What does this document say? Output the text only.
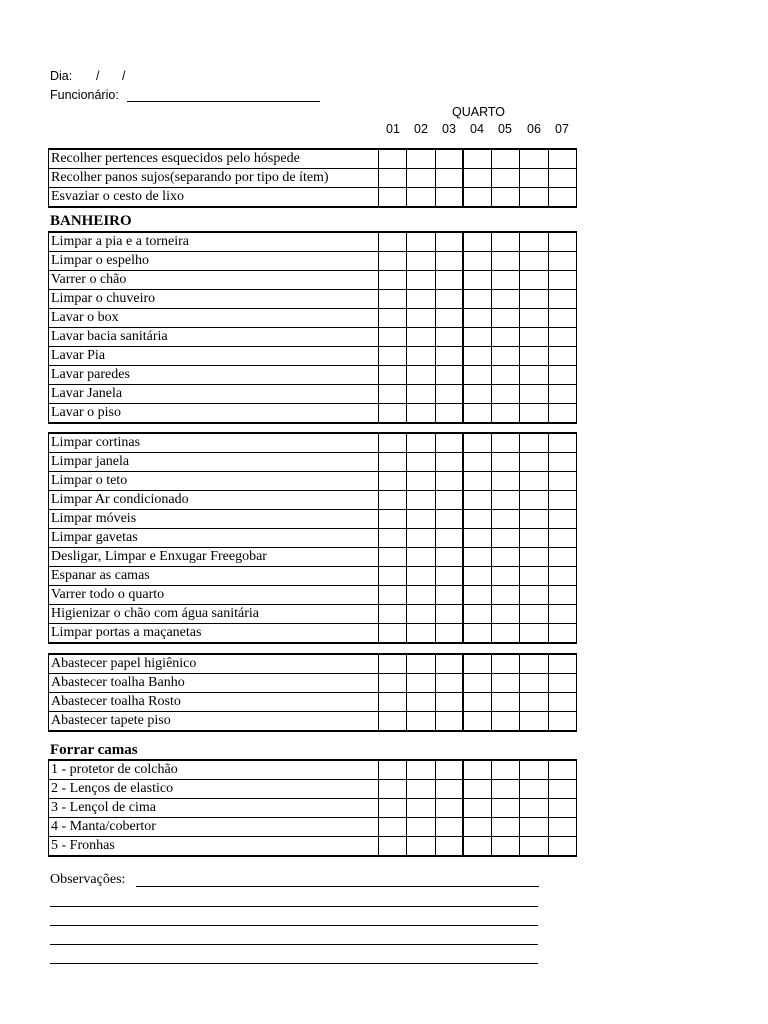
Dia: / /
Funcionário:
QUARTO
01	02	03	04	05	06	07
Recolher pertences esquecidos pelo hóspede							
Recolher panos sujos(separando por tipo de ítem)							
Esvaziar o cesto de lixo							
BANHEIRO
Limpar a pia e a torneira							
Limpar o espelho							
Varrer o chão							
Limpar o chuveiro							
Lavar o box							
Lavar bacia sanitária							
Lavar Pia							
Lavar paredes							
Lavar Janela							
Lavar o piso							
Limpar cortinas							
Limpar janela							
Limpar o teto							
Limpar Ar condicionado							
Limpar móveis							
Limpar gavetas							
Desligar, Limpar e Enxugar Freegobar							
Espanar as camas							
Varrer todo o quarto							
Higienizar o chão com água sanitária							
Limpar portas a maçanetas							
Abastecer papel higiênico							
Abastecer toalha Banho							
Abastecer toalha Rosto							
Abastecer tapete piso							
Forrar camas
1 - protetor de colchão							
2 - Lenços de elastico							
3 - Lençol de cima							
4 - Manta/cobertor							
5 - Fronhas							
Observações:
